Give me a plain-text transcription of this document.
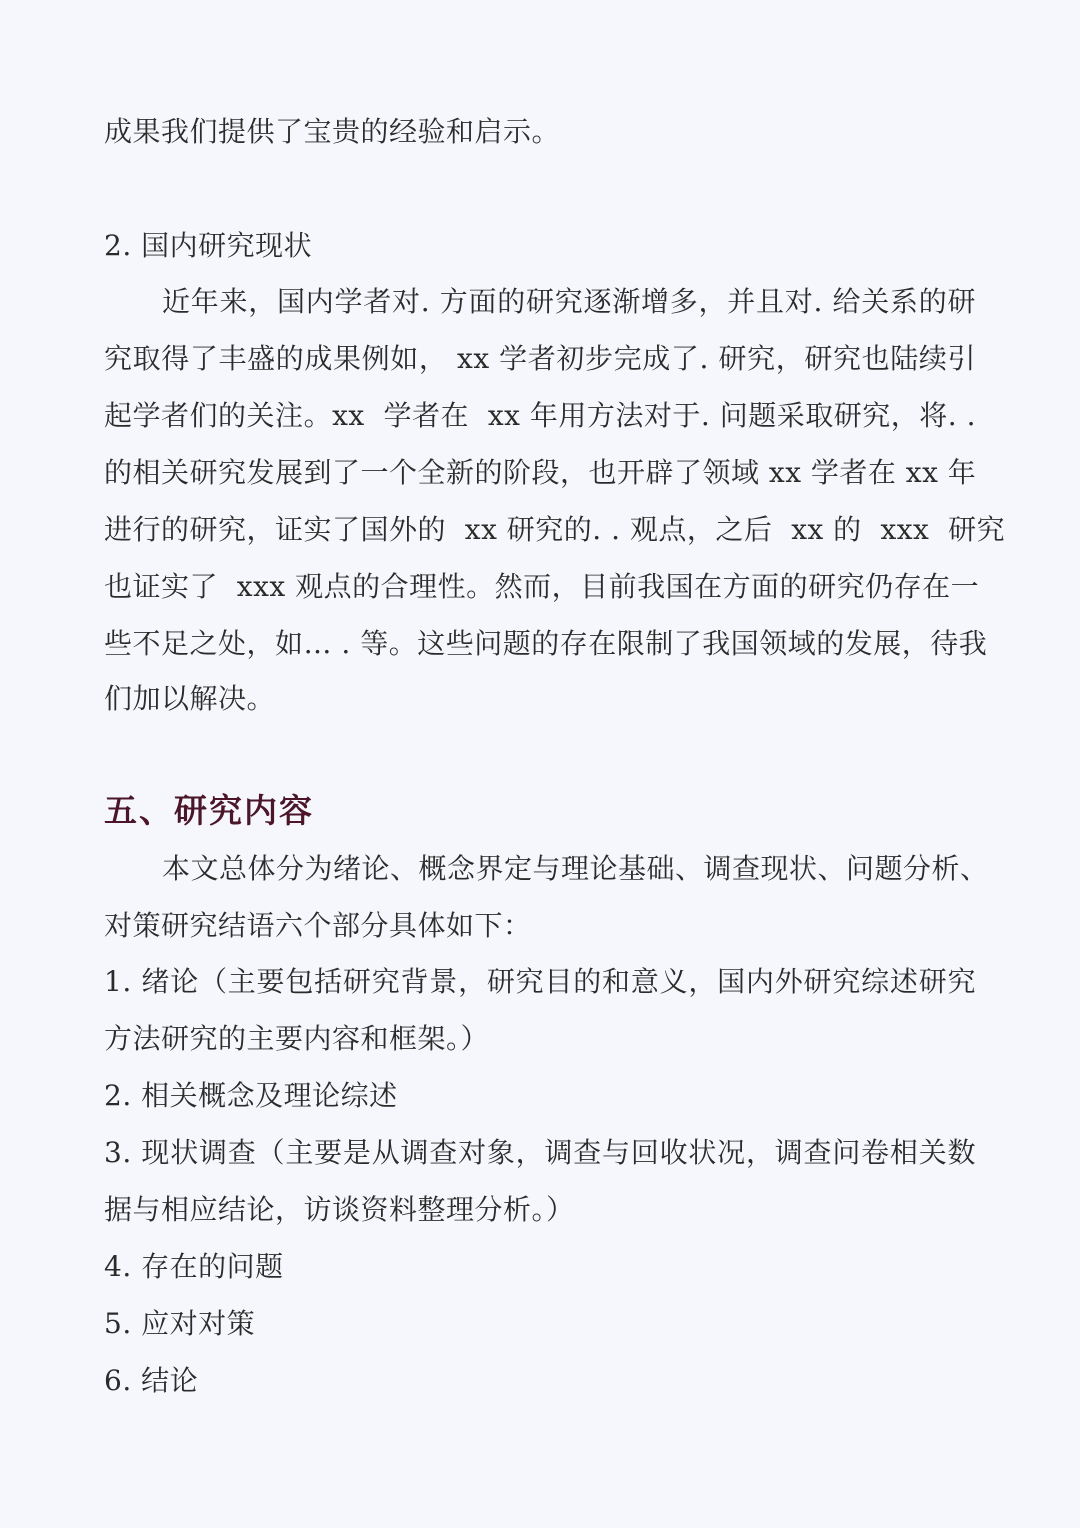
成果我们提供了宝贵的经验和启示。
2. 国内研究现状
近年来，国内学者对. 方面的研究逐渐增多，并且对. 给关系的研
究取得了丰盛的成果例如， xx 学者初步完成了. 研究，研究也陆续引
起学者们的关注。xx  学者在  xx 年用方法对于. 问题采取研究，将. .
的相关研究发展到了一个全新的阶段，也开辟了领域 xx 学者在 xx 年
进行的研究，证实了国外的  xx 研究的. . 观点，之后  xx 的  xxx  研究
也证实了  xxx 观点的合理性。然而，目前我国在方面的研究仍存在一
些不足之处，如… . 等。这些问题的存在限制了我国领域的发展，待我
们加以解决。
五、研究内容
本文总体分为绪论、概念界定与理论基础、调查现状、问题分析、
对策研究结语六个部分具体如下：
1. 绪论（主要包括研究背景，研究目的和意义，国内外研究综述研究
方法研究的主要内容和框架。）
2. 相关概念及理论综述
3. 现状调查（主要是从调查对象，调查与回收状况，调查问卷相关数
据与相应结论，访谈资料整理分析。）
4. 存在的问题
5. 应对对策
6. 结论
